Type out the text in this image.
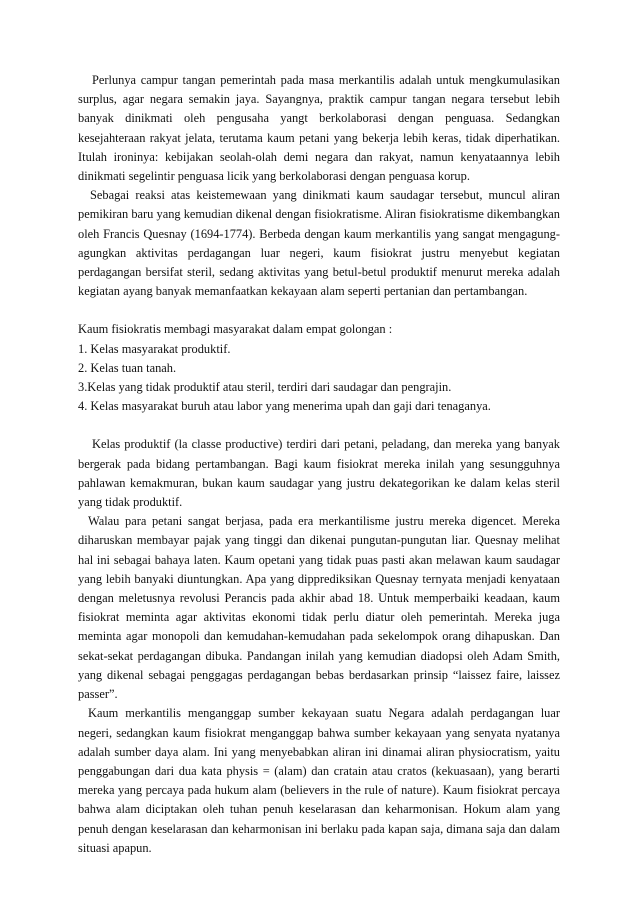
Perlunya campur tangan pemerintah pada masa merkantilis adalah untuk mengkumulasikan surplus, agar negara semakin jaya. Sayangnya, praktik campur tangan negara tersebut lebih banyak dinikmati oleh pengusaha yangt berkolaborasi dengan penguasa. Sedangkan kesejahteraan rakyat jelata, terutama kaum petani yang bekerja lebih keras, tidak diperhatikan. Itulah ironinya: kebijakan seolah-olah demi negara dan rakyat, namun kenyataannya lebih dinikmati segelintir penguasa licik yang berkolaborasi dengan penguasa korup.

Sebagai reaksi atas keistemewaan yang dinikmati kaum saudagar tersebut, muncul aliran pemikiran baru yang kemudian dikenal dengan fisiokratisme. Aliran fisiokratisme dikembangkan oleh Francis Quesnay (1694-1774). Berbeda dengan kaum merkantilis yang sangat mengagung-agungkan aktivitas perdagangan luar negeri, kaum fisiokrat justru menyebut kegiatan perdagangan bersifat steril, sedang aktivitas yang betul-betul produktif menurut mereka adalah kegiatan ayang banyak memanfaatkan kekayaan alam seperti pertanian dan pertambangan.

Kaum fisiokratis membagi masyarakat dalam empat golongan :

1. Kelas masyarakat produktif.

2. Kelas tuan tanah.

3.Kelas yang tidak produktif atau steril, terdiri dari saudagar dan pengrajin.

4. Kelas masyarakat buruh atau labor yang menerima upah dan gaji dari tenaganya.

Kelas produktif (la classe productive) terdiri dari petani, peladang, dan mereka yang banyak bergerak pada bidang pertambangan. Bagi kaum fisiokrat mereka inilah yang sesungguhnya pahlawan kemakmuran, bukan kaum saudagar yang justru dekategorikan ke dalam kelas steril yang tidak produktif.

Walau para petani sangat berjasa, pada era merkantilisme justru mereka digencet. Mereka diharuskan membayar pajak yang tinggi dan dikenai pungutan-pungutan liar. Quesnay melihat hal ini sebagai bahaya laten. Kaum opetani yang tidak puas pasti akan melawan kaum saudagar yang lebih banyaki diuntungkan. Apa yang dipprediksikan Quesnay ternyata menjadi kenyataan dengan meletusnya revolusi Perancis pada akhir abad 18. Untuk memperbaiki keadaan, kaum fisiokrat meminta agar aktivitas ekonomi tidak perlu diatur oleh pemerintah. Mereka juga meminta agar monopoli dan kemudahan-kemudahan pada sekelompok orang dihapuskan. Dan sekat-sekat perdagangan dibuka. Pandangan inilah yang kemudian diadopsi oleh Adam Smith, yang dikenal sebagai penggagas perdagangan bebas berdasarkan prinsip “laissez faire, laissez passer”.

Kaum merkantilis menganggap sumber kekayaan suatu Negara adalah perdagangan luar negeri, sedangkan kaum fisiokrat menganggap bahwa sumber kekayaan yang senyata nyatanya adalah sumber daya alam. Ini yang menyebabkan aliran ini dinamai aliran physiocratism, yaitu penggabungan dari dua kata physis = (alam) dan cratain atau cratos (kekuasaan), yang berarti mereka yang percaya pada hukum alam (believers in the rule of nature). Kaum fisiokrat percaya bahwa alam diciptakan oleh tuhan penuh keselarasan dan keharmonisan. Hokum alam yang penuh dengan keselarasan dan keharmonisan ini berlaku pada kapan saja, dimana saja dan dalam situasi apapun.
